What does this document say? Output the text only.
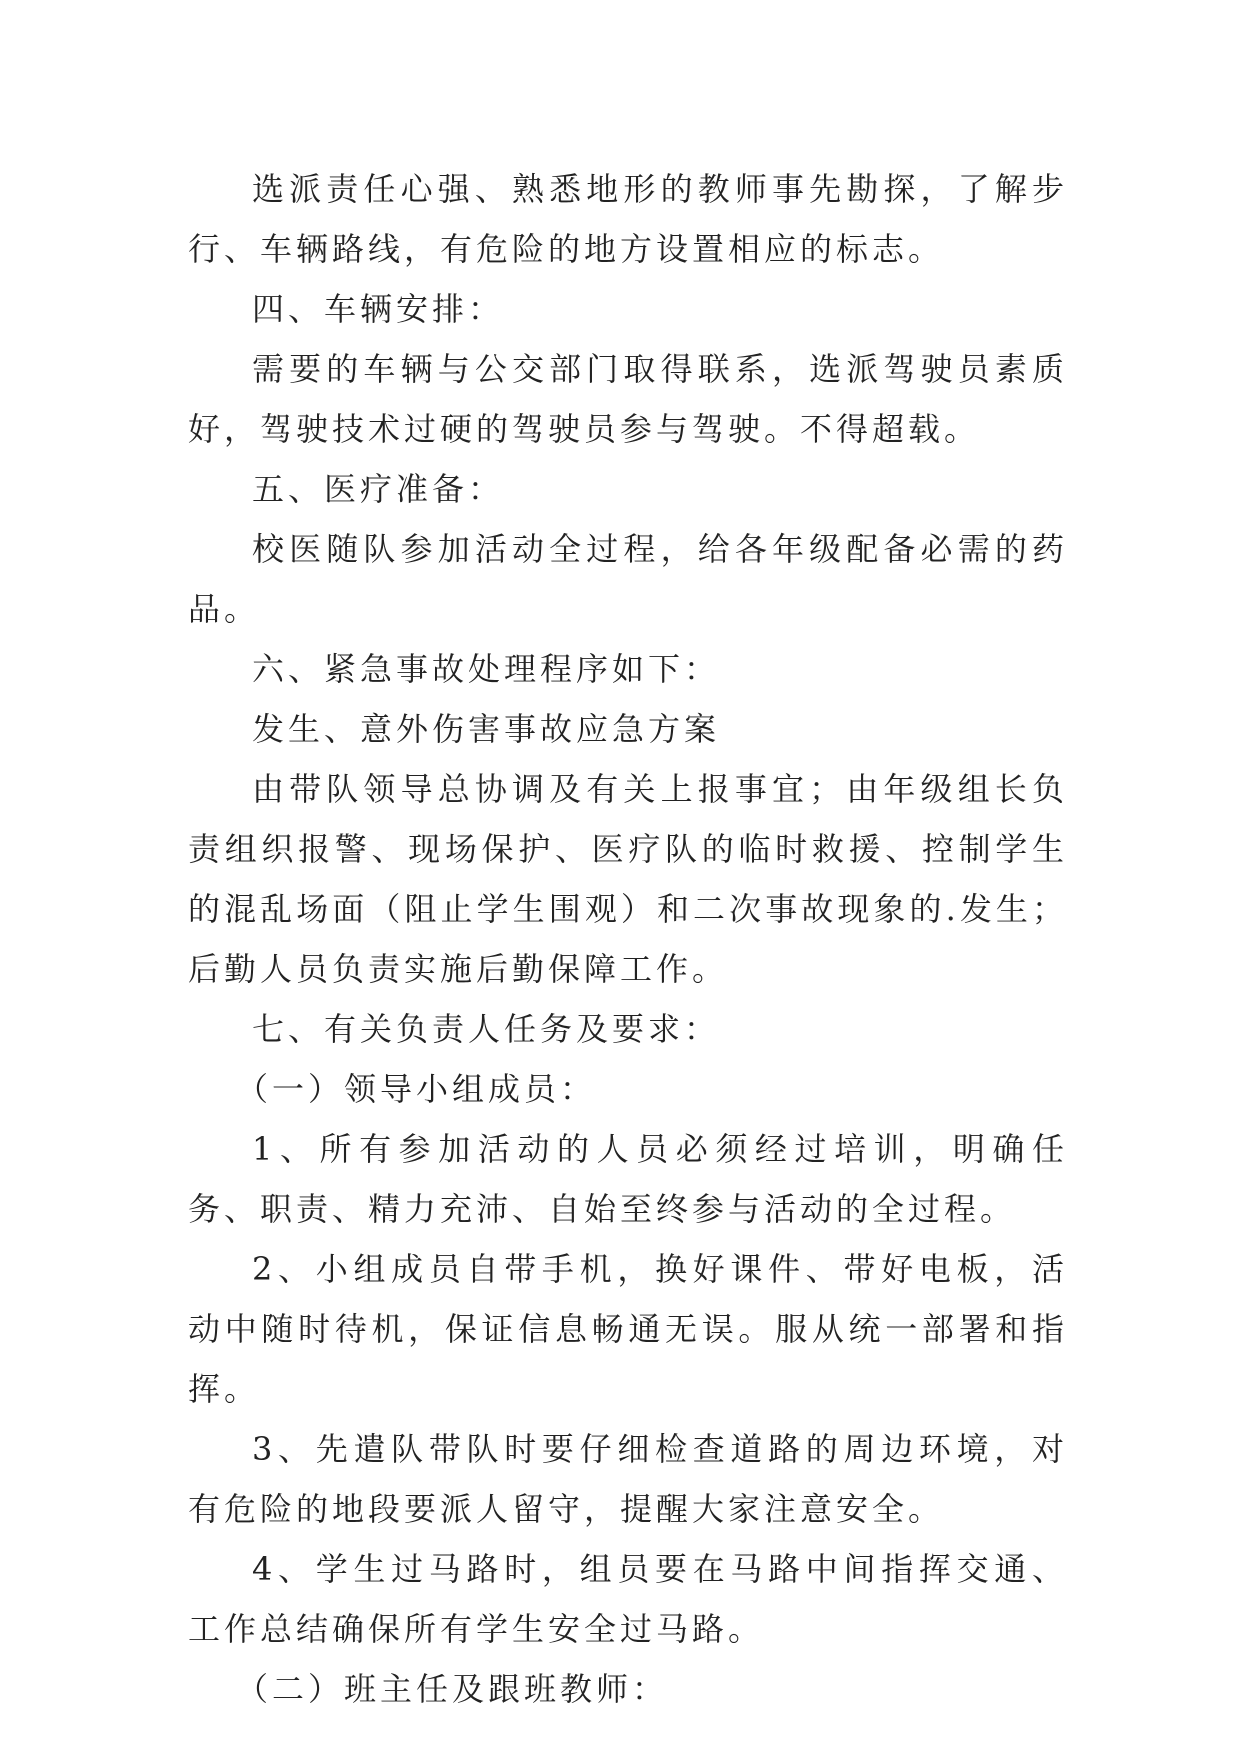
选派责任心强、熟悉地形的教师事先勘探，了解步行、车辆路线，有危险的地方设置相应的标志。

四、车辆安排：

需要的车辆与公交部门取得联系，选派驾驶员素质好，驾驶技术过硬的驾驶员参与驾驶。不得超载。

五、医疗准备：

校医随队参加活动全过程，给各年级配备必需的药品。

六、紧急事故处理程序如下：

发生、意外伤害事故应急方案

由带队领导总协调及有关上报事宜；由年级组长负责组织报警、现场保护、医疗队的临时救援、控制学生的混乱场面（阻止学生围观）和二次事故现象的.发生；后勤人员负责实施后勤保障工作。

七、有关负责人任务及要求：

（一）领导小组成员：

1、所有参加活动的人员必须经过培训，明确任务、职责、精力充沛、自始至终参与活动的全过程。

2、小组成员自带手机，换好课件、带好电板，活动中随时待机，保证信息畅通无误。服从统一部署和指挥。

3、先遣队带队时要仔细检查道路的周边环境，对有危险的地段要派人留守，提醒大家注意安全。

4、学生过马路时，组员要在马路中间指挥交通、工作总结确保所有学生安全过马路。

（二）班主任及跟班教师：
